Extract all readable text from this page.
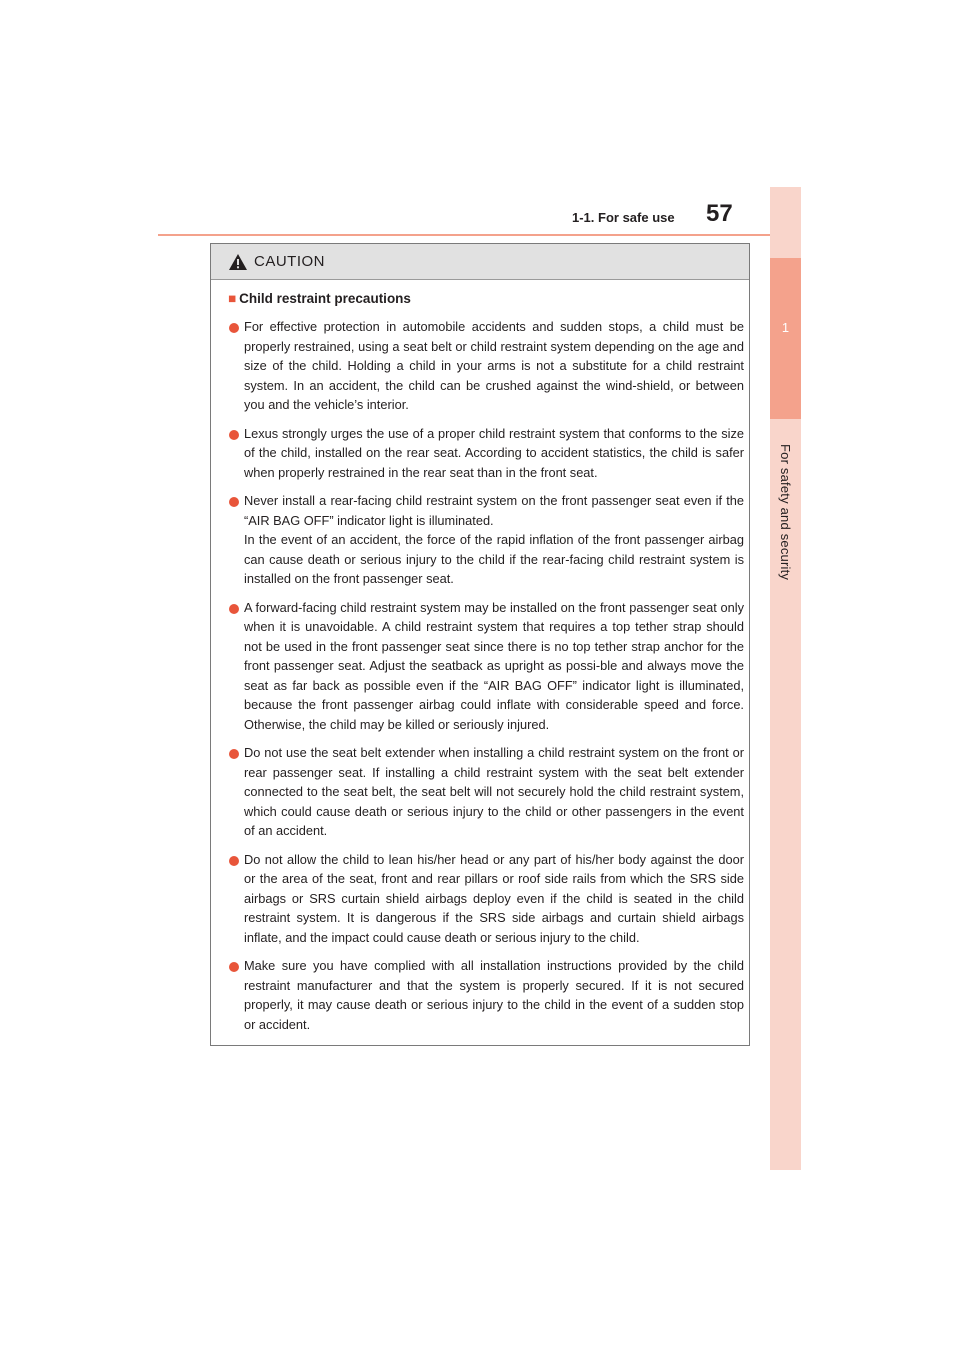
1-1. For safe use 57
1
For safety and security
CAUTION
■ Child restraint precautions

For effective protection in automobile accidents and sudden stops, a child must be properly restrained, using a seat belt or child restraint system depending on the age and size of the child. Holding a child in your arms is not a substitute for a child restraint system. In an accident, the child can be crushed against the wind-shield, or between you and the vehicle’s interior.

Lexus strongly urges the use of a proper child restraint system that conforms to the size of the child, installed on the rear seat. According to accident statistics, the child is safer when properly restrained in the rear seat than in the front seat.

Never install a rear-facing child restraint system on the front passenger seat even if the “AIR BAG OFF” indicator light is illuminated.

In the event of an accident, the force of the rapid inflation of the front passenger airbag can cause death or serious injury to the child if the rear-facing child restraint system is installed on the front passenger seat.

A forward-facing child restraint system may be installed on the front passenger seat only when it is unavoidable. A child restraint system that requires a top tether strap should not be used in the front passenger seat since there is no top tether strap anchor for the front passenger seat. Adjust the seatback as upright as possi-ble and always move the seat as far back as possible even if the “AIR BAG OFF” indicator light is illuminated, because the front passenger airbag could inflate with considerable speed and force. Otherwise, the child may be killed or seriously injured.

Do not use the seat belt extender when installing a child restraint system on the front or rear passenger seat. If installing a child restraint system with the seat belt extender connected to the seat belt, the seat belt will not securely hold the child restraint system, which could cause death or serious injury to the child or other passengers in the event of an accident.

Do not allow the child to lean his/her head or any part of his/her body against the door or the area of the seat, front and rear pillars or roof side rails from which the SRS side airbags or SRS curtain shield airbags deploy even if the child is seated in the child restraint system. It is dangerous if the SRS side airbags and curtain shield airbags inflate, and the impact could cause death or serious injury to the child.

Make sure you have complied with all installation instructions provided by the child restraint manufacturer and that the system is properly secured. If it is not secured properly, it may cause death or serious injury to the child in the event of a sudden stop or accident.
